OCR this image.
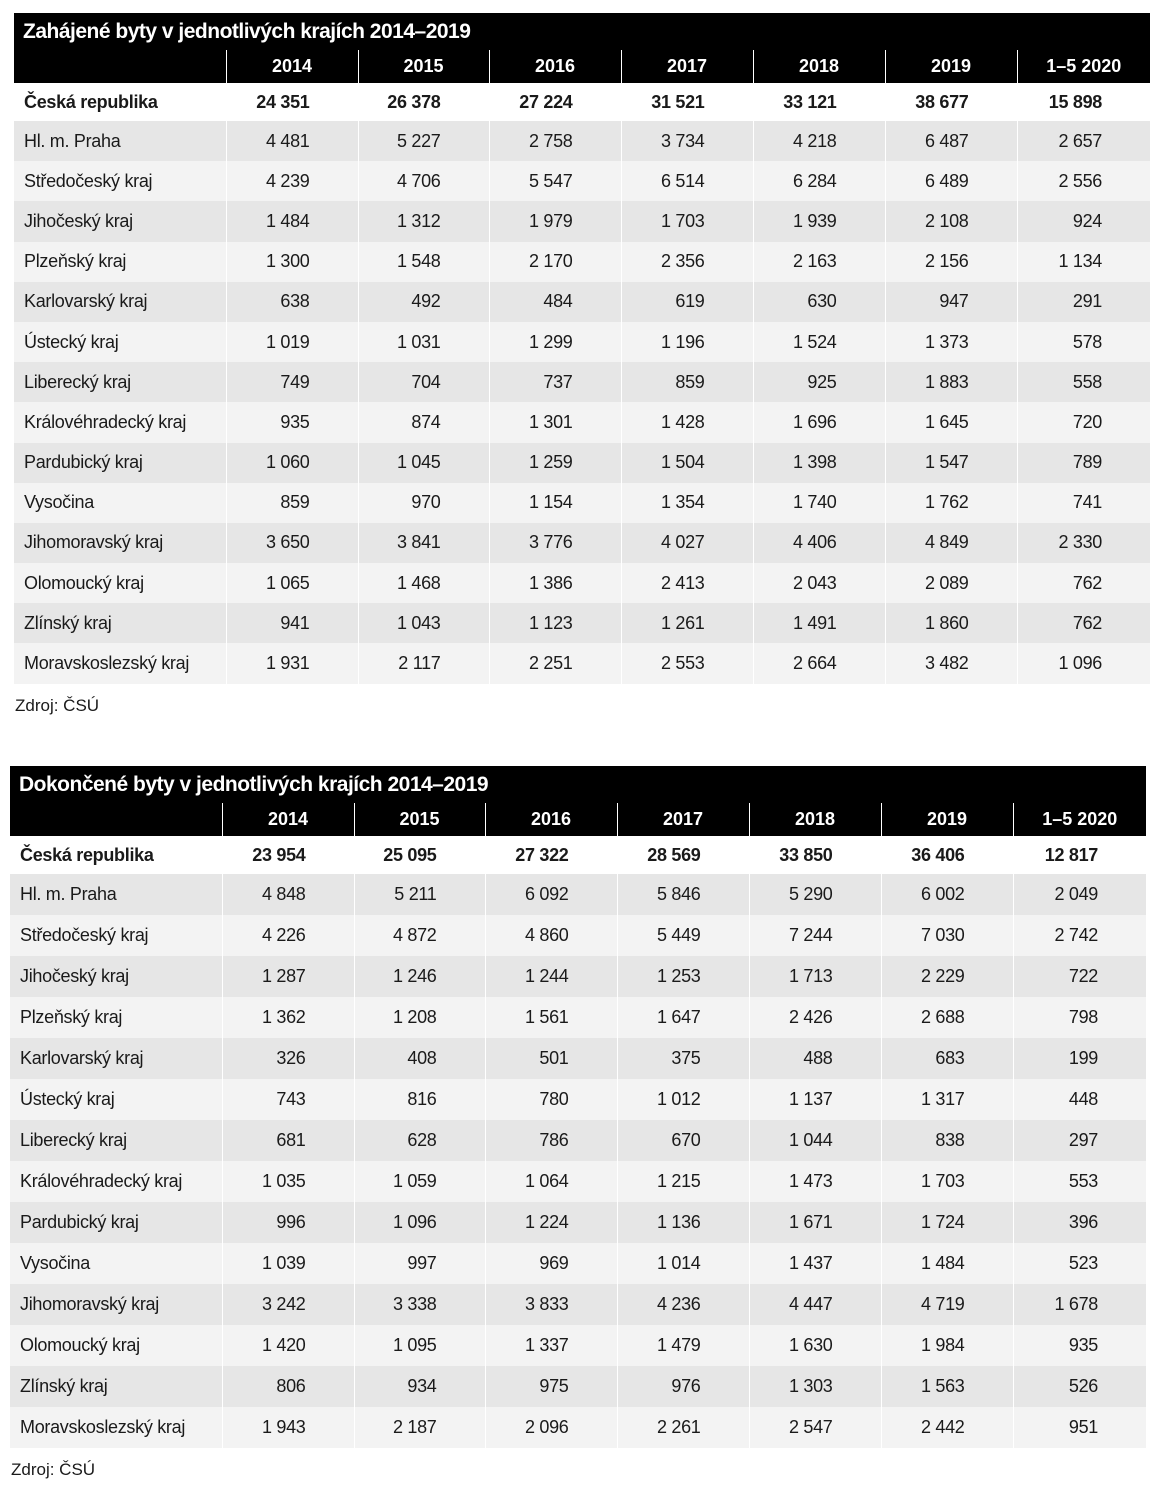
Zahájené byty v jednotlivých krajích 2014–2019
	2014	2015	2016	2017	2018	2019	1–5 2020
Česká republika	24 351	26 378	27 224	31 521	33 121	38 677	15 898
Hl. m. Praha	4 481	5 227	2 758	3 734	4 218	6 487	2 657
Středočeský kraj	4 239	4 706	5 547	6 514	6 284	6 489	2 556
Jihočeský kraj	1 484	1 312	1 979	1 703	1 939	2 108	924
Plzeňský kraj	1 300	1 548	2 170	2 356	2 163	2 156	1 134
Karlovarský kraj	638	492	484	619	630	947	291
Ústecký kraj	1 019	1 031	1 299	1 196	1 524	1 373	578
Liberecký kraj	749	704	737	859	925	1 883	558
Královéhradecký kraj	935	874	1 301	1 428	1 696	1 645	720
Pardubický kraj	1 060	1 045	1 259	1 504	1 398	1 547	789
Vysočina	859	970	1 154	1 354	1 740	1 762	741
Jihomoravský kraj	3 650	3 841	3 776	4 027	4 406	4 849	2 330
Olomoucký kraj	1 065	1 468	1 386	2 413	2 043	2 089	762
Zlínský kraj	941	1 043	1 123	1 261	1 491	1 860	762
Moravskoslezský kraj	1 931	2 117	2 251	2 553	2 664	3 482	1 096
Zdroj: ČSÚ
Dokončené byty v jednotlivých krajích 2014–2019
	2014	2015	2016	2017	2018	2019	1–5 2020
Česká republika	23 954	25 095	27 322	28 569	33 850	36 406	12 817
Hl. m. Praha	4 848	5 211	6 092	5 846	5 290	6 002	2 049
Středočeský kraj	4 226	4 872	4 860	5 449	7 244	7 030	2 742
Jihočeský kraj	1 287	1 246	1 244	1 253	1 713	2 229	722
Plzeňský kraj	1 362	1 208	1 561	1 647	2 426	2 688	798
Karlovarský kraj	326	408	501	375	488	683	199
Ústecký kraj	743	816	780	1 012	1 137	1 317	448
Liberecký kraj	681	628	786	670	1 044	838	297
Královéhradecký kraj	1 035	1 059	1 064	1 215	1 473	1 703	553
Pardubický kraj	996	1 096	1 224	1 136	1 671	1 724	396
Vysočina	1 039	997	969	1 014	1 437	1 484	523
Jihomoravský kraj	3 242	3 338	3 833	4 236	4 447	4 719	1 678
Olomoucký kraj	1 420	1 095	1 337	1 479	1 630	1 984	935
Zlínský kraj	806	934	975	976	1 303	1 563	526
Moravskoslezský kraj	1 943	2 187	2 096	2 261	2 547	2 442	951
Zdroj: ČSÚ
